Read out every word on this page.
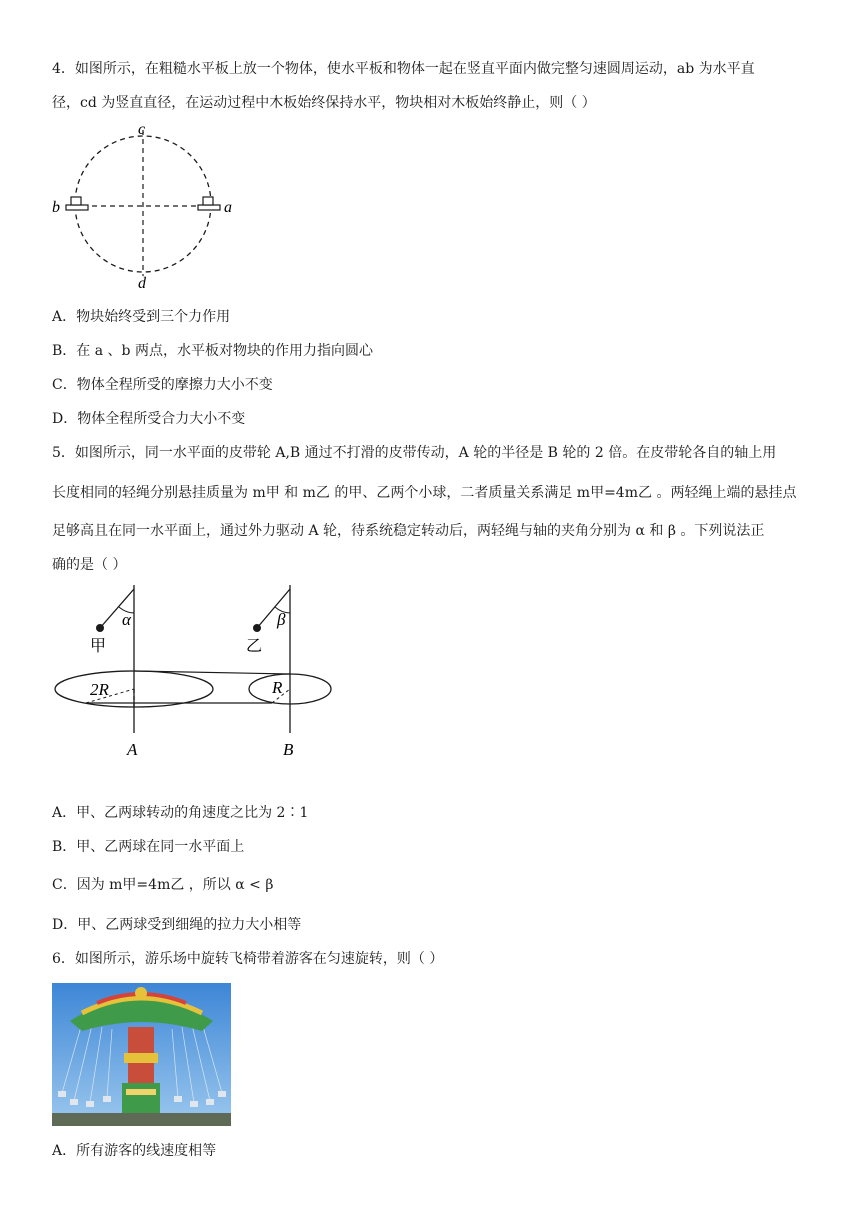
4．如图所示，在粗糙水平板上放一个物体，使水平板和物体一起在竖直平面内做完整匀速圆周运动，ab 为水平直
径，cd 为竖直直径，在运动过程中木板始终保持水平，物块相对木板始终静止，则（ ）
c
d
b	a
A．物块始终受到三个力作用
B．在 a 、b 两点，水平板对物块的作用力指向圆心
C．物体全程所受的摩擦力大小不变
D．物体全程所受合力大小不变
5．如图所示，同一水平面的皮带轮 A,B 通过不打滑的皮带传动，A 轮的半径是 B 轮的 2 倍。在皮带轮各自的轴上用
长度相同的轻绳分别悬挂质量为 m甲 和 m乙 的甲、乙两个小球，二者质量关系满足 m甲=4m乙 。两轻绳上端的悬挂点
足够高且在同一水平面上，通过外力驱动 A 轮，待系统稳定转动后，两轻绳与轴的夹角分别为 α 和 β 。下列说法正
确的是（ ）
α	β
甲	乙
2R	R
A	B
A．甲、乙两球转动的角速度之比为 2∶1
B．甲、乙两球在同一水平面上
C．因为 m甲=4m乙 ，所以 α < β
D．甲、乙两球受到细绳的拉力大小相等
6．如图所示，游乐场中旋转飞椅带着游客在匀速旋转，则（ ）
A．所有游客的线速度相等
